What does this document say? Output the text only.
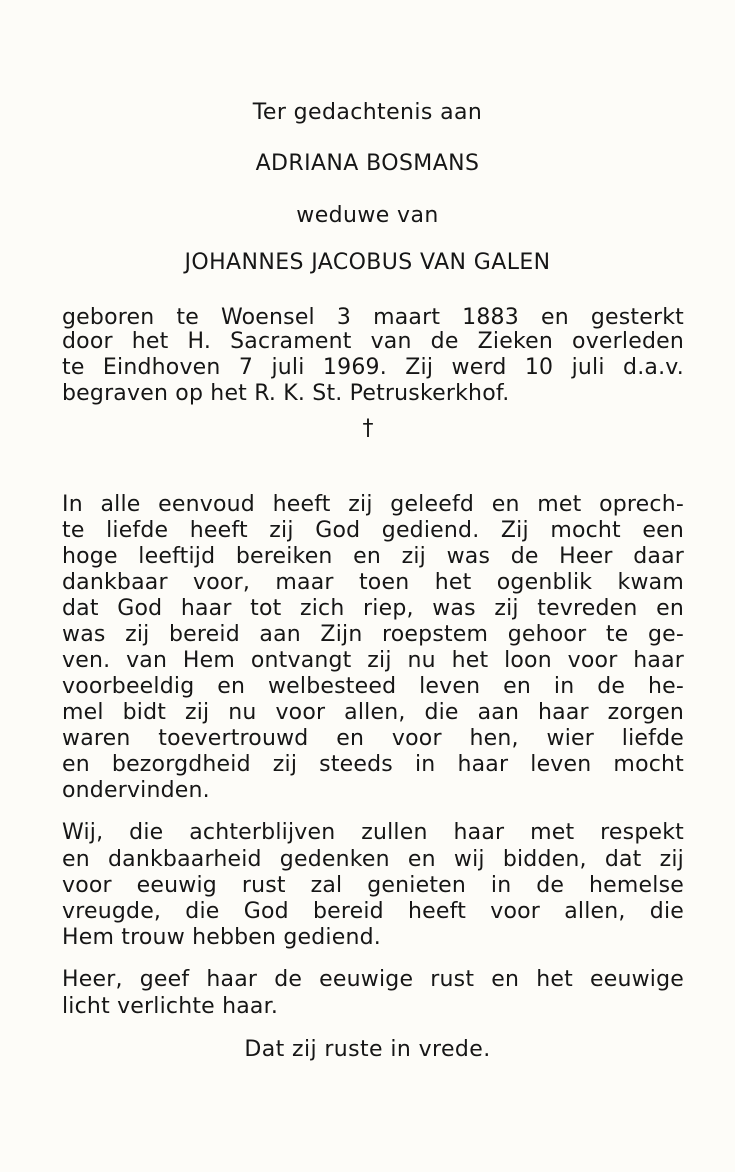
Ter gedachtenis aan
ADRIANA BOSMANS
weduwe van
JOHANNES JACOBUS VAN GALEN
geboren te Woensel 3 maart 1883 en gesterkt
door het H. Sacrament van de Zieken overleden
te Eindhoven 7 juli 1969. Zij werd 10 juli d.a.v.
begraven op het R. K. St. Petruskerkhof.
†
In alle eenvoud heeft zij geleefd en met oprech-
te liefde heeft zij God gediend. Zij mocht een
hoge leeftijd bereiken en zij was de Heer daar
dankbaar voor, maar toen het ogenblik kwam
dat God haar tot zich riep, was zij tevreden en
was zij bereid aan Zijn roepstem gehoor te ge-
ven. van Hem ontvangt zij nu het loon voor haar
voorbeeldig en welbesteed leven en in de he-
mel bidt zij nu voor allen, die aan haar zorgen
waren toevertrouwd en voor hen, wier liefde
en bezorgdheid zij steeds in haar leven mocht
ondervinden.
Wij, die achterblijven zullen haar met respekt
en dankbaarheid gedenken en wij bidden, dat zij
voor eeuwig rust zal genieten in de hemelse
vreugde, die God bereid heeft voor allen, die
Hem trouw hebben gediend.
Heer, geef haar de eeuwige rust en het eeuwige
licht verlichte haar.
Dat zij ruste in vrede.
